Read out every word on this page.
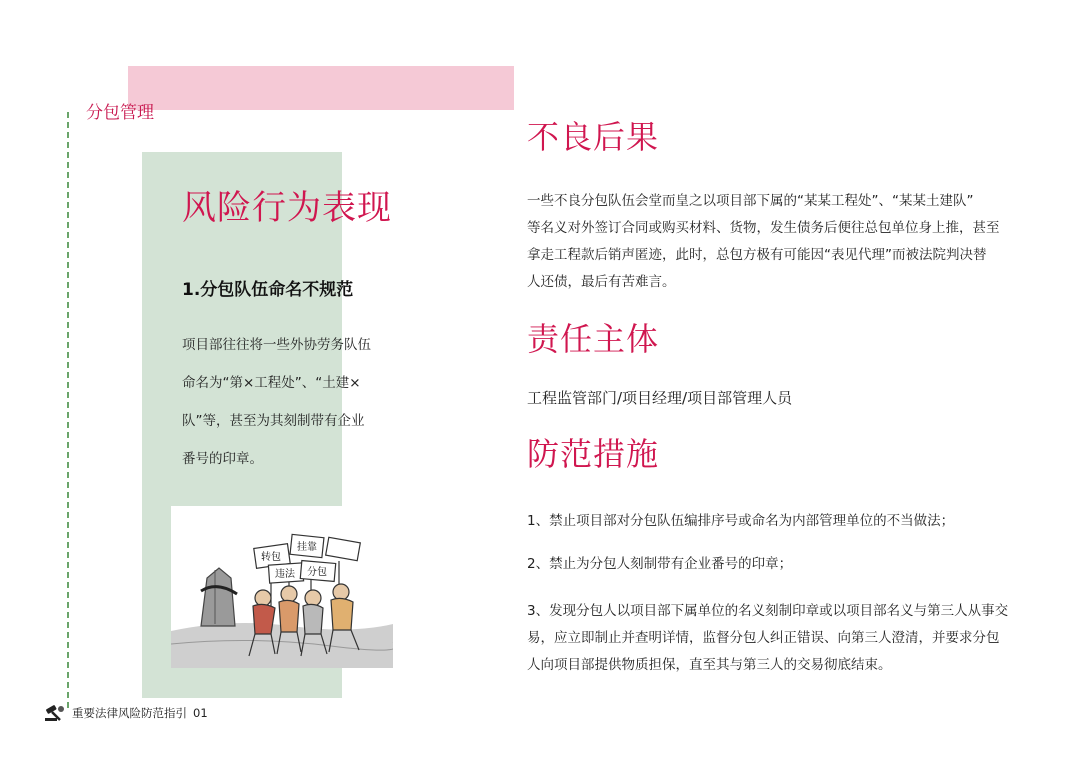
分包管理
风险行为表现
1.分包队伍命名不规范
项目部往往将一些外协劳务队伍
命名为“第×工程处”、“土建×
队”等，甚至为其刻制带有企业
番号的印章。
转包
挂靠
违法 分包
不良后果
一些不良分包队伍会堂而皇之以项目部下属的“某某工程处”、“某某土建队”
等名义对外签订合同或购买材料、货物，发生债务后便往总包单位身上推，甚至
拿走工程款后销声匿迹，此时，总包方极有可能因“表见代理”而被法院判决替
人还债，最后有苦难言。
责任主体
工程监管部门/项目经理/项目部管理人员
防范措施
1、禁止项目部对分包队伍编排序号或命名为内部管理单位的不当做法；
2、禁止为分包人刻制带有企业番号的印章；
3、发现分包人以项目部下属单位的名义刻制印章或以项目部名义与第三人从事交
易，应立即制止并查明详情，监督分包人纠正错误、向第三人澄清，并要求分包
人向项目部提供物质担保，直至其与第三人的交易彻底结束。
重要法律风险防范指引 01
